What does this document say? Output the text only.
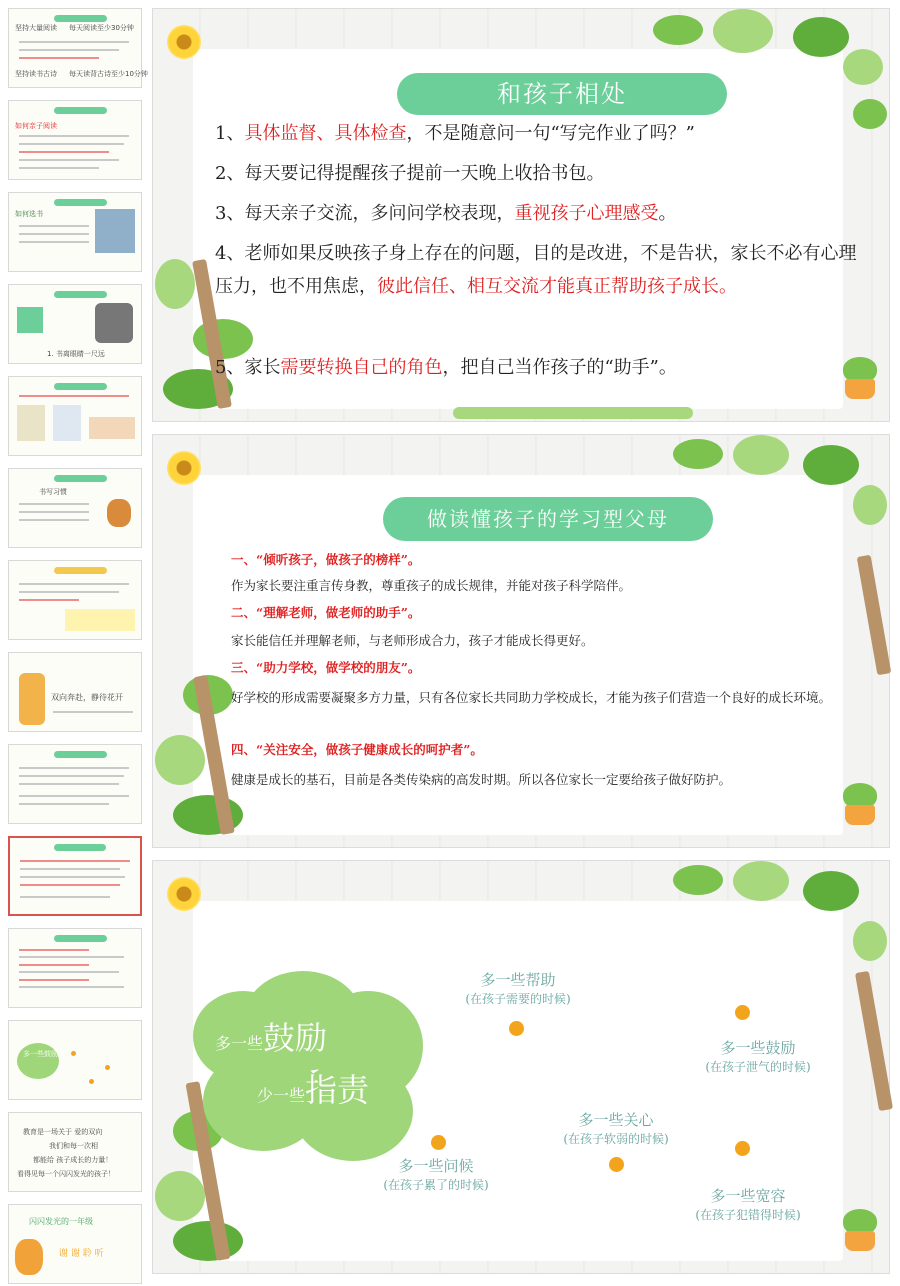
坚持大量阅读	每天阅读至少30分钟
坚持读书古诗	每天读背古诗至少10分钟
如何亲子阅读
如何选书
1. 书离眼睛一尺远
书写习惯
双向奔赴，静待花开
多一些鼓励
教育是一场关于 爱的双向
我们和每一次相
都能给 孩子成长的力量！
看得见每一个闪闪发光的孩子！
闪闪发光的一年级
谢 谢 聆 听
和孩子相处

1、具体监督、具体检查，不是随意问一句“写完作业了吗？”

2、每天要记得提醒孩子提前一天晚上收拾书包。

3、每天亲子交流，多问问学校表现，重视孩子心理感受。

4、老师如果反映孩子身上存在的问题，目的是改进，不是告状，家长不必有心理压力，也不用焦虑，彼此信任、相互交流才能真正帮助孩子成长。

5、家长需要转换自己的角色，把自己当作孩子的“助手”。

做读懂孩子的学习型父母

一、“倾听孩子，做孩子的榜样”。

作为家长要注重言传身教，尊重孩子的成长规律，并能对孩子科学陪伴。

二、“理解老师，做老师的助手”。

家长能信任并理解老师，与老师形成合力，孩子才能成长得更好。

三、“助力学校，做学校的朋友”。

好学校的形成需要凝聚多方力量，只有各位家长共同助力学校成长，才能为孩子们营造一个良好的成长环境。

四、“关注安全，做孩子健康成长的呵护者”。

健康是成长的基石，目前是各类传染病的高发时期。所以各位家长一定要给孩子做好防护。

多一些鼓励
少一些指责
多一些帮助
(在孩子需要的时候)
多一些鼓励
(在孩子泄气的时候)
多一些关心
(在孩子软弱的时候)
多一些问候
(在孩子累了的时候)
多一些宽容
(在孩子犯错得时候)
